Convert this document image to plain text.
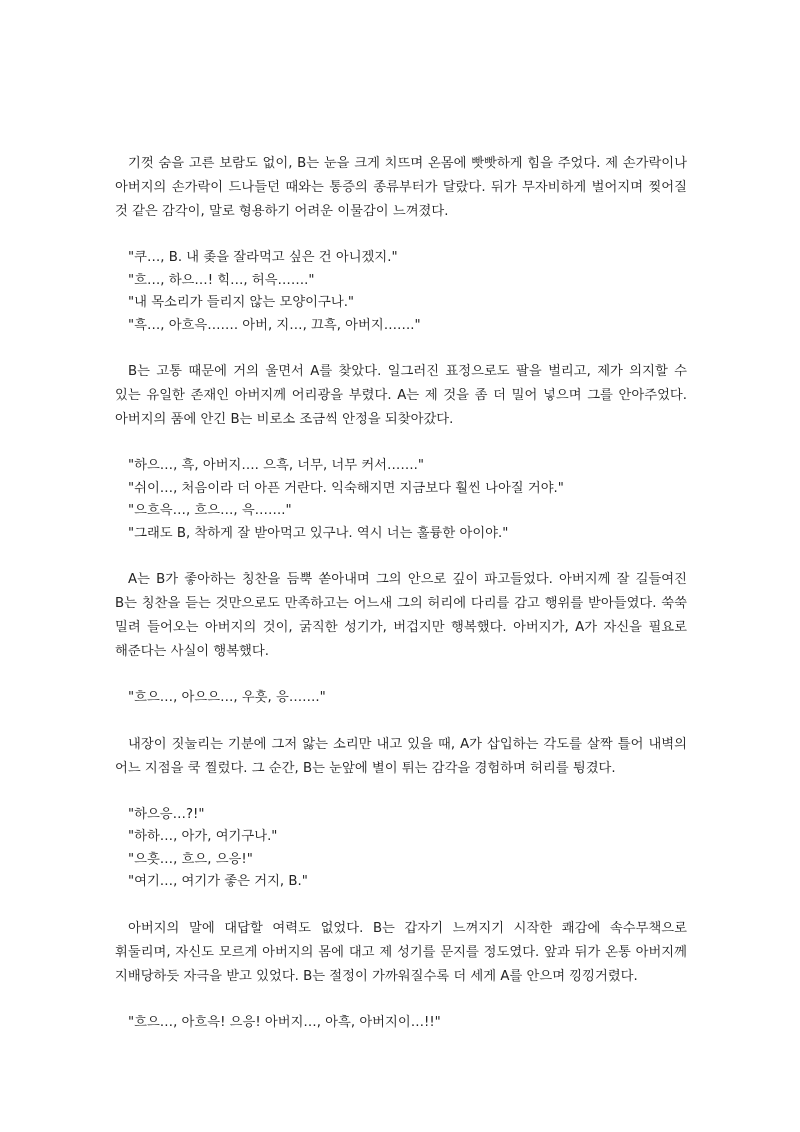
기껏 숨을 고른 보람도 없이, B는 눈을 크게 치뜨며 온몸에 빳빳하게 힘을 주었다. 제 손가락이나 아버지의 손가락이 드나들던 때와는 통증의 종류부터가 달랐다. 뒤가 무자비하게 벌어지며 찢어질 것 같은 감각이, 말로 형용하기 어려운 이물감이 느껴졌다.

"쿠…, B. 내 좆을 잘라먹고 싶은 건 아니겠지."
"흐…, 하으…! 힉…, 허윽……."
"내 목소리가 들리지 않는 모양이구나."
"흑…, 아흐윽……. 아버, 지…, 끄흑, 아버지……."

B는 고통 때문에 거의 울면서 A를 찾았다. 일그러진 표정으로도 팔을 벌리고, 제가 의지할 수 있는 유일한 존재인 아버지께 어리광을 부렸다. A는 제 것을 좀 더 밀어 넣으며 그를 안아주었다. 아버지의 품에 안긴 B는 비로소 조금씩 안정을 되찾아갔다.

"하으…, 흑, 아버지…. 으흑, 너무, 너무 커서……."
"쉬이…, 처음이라 더 아픈 거란다. 익숙해지면 지금보다 훨씬 나아질 거야."
"으흐윽…, 흐으…, 윽……."
"그래도 B, 착하게 잘 받아먹고 있구나. 역시 너는 훌륭한 아이야."

A는 B가 좋아하는 칭찬을 듬뿍 쏟아내며 그의 안으로 깊이 파고들었다. 아버지께 잘 길들여진 B는 칭찬을 듣는 것만으로도 만족하고는 어느새 그의 허리에 다리를 감고 행위를 받아들였다. 쑥쑥 밀려 들어오는 아버지의 것이, 굵직한 성기가, 버겁지만 행복했다. 아버지가, A가 자신을 필요로 해준다는 사실이 행복했다.

"흐으…, 아으으…, 우흣, 응……."

내장이 짓눌리는 기분에 그저 앓는 소리만 내고 있을 때, A가 삽입하는 각도를 살짝 틀어 내벽의 어느 지점을 쿡 찔렀다. 그 순간, B는 눈앞에 별이 튀는 감각을 경험하며 허리를 튕겼다.

"하으응…?!"
"하하…, 아가, 여기구나."
"으흣…, 흐으, 으응!"
"여기…, 여기가 좋은 거지, B."

아버지의 말에 대답할 여력도 없었다. B는 갑자기 느껴지기 시작한 쾌감에 속수무책으로 휘둘리며, 자신도 모르게 아버지의 몸에 대고 제 성기를 문지를 정도였다. 앞과 뒤가 온통 아버지께 지배당하듯 자극을 받고 있었다. B는 절정이 가까워질수록 더 세게 A를 안으며 낑낑거렸다.

"흐으…, 아흐윽! 으응! 아버지…, 아흑, 아버지이…!!"
